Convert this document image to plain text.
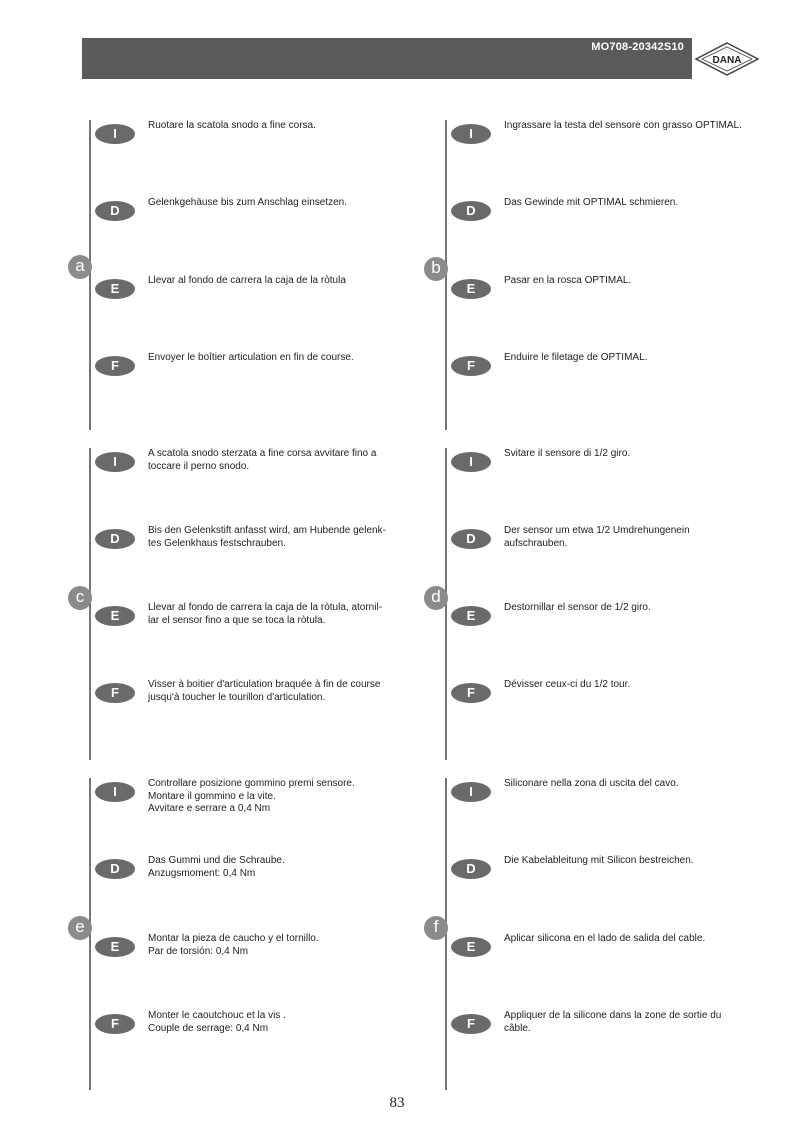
MO708-20342S10
DANA
a
I
Ruotare la scatola snodo a fine corsa.
D
Gelenkgehäuse bis zum Anschlag einsetzen.
E
Llevar al fondo de carrera la caja de la ròtula
F
Envoyer le boîtier articulation en fin de course.
b
I
Ingrassare la testa del sensore con grasso OPTIMAL.
D
Das Gewinde mit OPTIMAL schmieren.
E
Pasar en la rosca OPTIMAL.
F
Enduire le filetage de OPTIMAL.
c
I
A scatola snodo sterzata a fine corsa avvitare fino a
toccare il perno snodo.
D
Bis den Gelenkstift anfasst wird, am Hubende gelenk-
tes Gelenkhaus festschrauben.
E
Llevar al fondo de carrera la caja de la ròtula, atornil-
lar el sensor fino a que se toca la ròtula.
F
Visser à boitier d'articulation braquée à fin de course
jusqu'à toucher le tourillon d'articulation.
d
I
Svitare il sensore di 1/2 giro.
D
Der sensor um etwa 1/2 Umdrehungenein
aufschrauben.
E
Destornillar el sensor de 1/2 giro.
F
Dévisser ceux-ci du 1/2 tour.
e
I
Controllare posizione gommino premi sensore.
Montare il gommino e la vite.
Avvitare e serrare a 0,4 Nm
D
Das Gummi und die Schraube.
Anzugsmoment: 0,4 Nm
E
Montar la pieza de caucho y el tornillo.
Par de torsión: 0,4 Nm
F
Monter le caoutchouc et la vis .
Couple de serrage: 0,4 Nm
f
I
Siliconare nella zona di uscita del cavo.
D
Die Kabelableitung mit Silicon bestreichen.
E
Aplicar silicona en el lado de salida del cable.
F
Appliquer de la silicone dans la zone de sortie du
câble.
83
